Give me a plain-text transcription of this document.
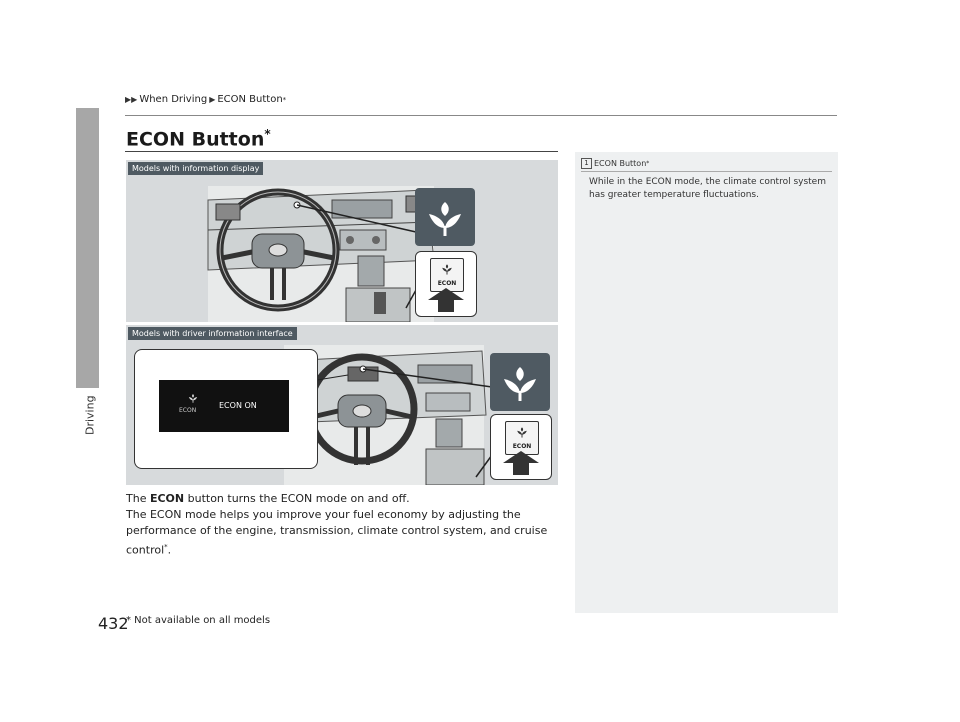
Driving
▶▶ When Driving ▶ ECON Button *
ECON Button*
ECON
Models with information display
ECON
ECON ON
ECON
Models with driver information interface
1 ECON Button *
While in the ECON mode, the climate control system has greater temperature fluctuations.
The ECON button turns the ECON mode on and off.
The ECON mode helps you improve your fuel economy by adjusting the performance of the engine, transmission, climate control system, and cruise control*.
432
* Not available on all models
